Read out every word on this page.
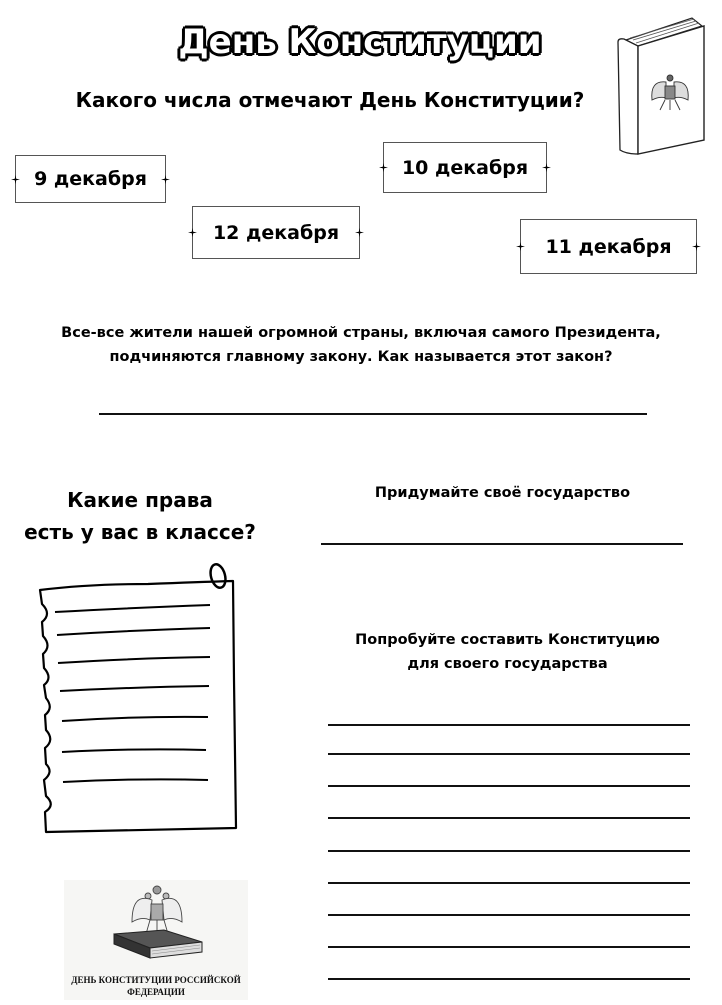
День Конституции
Какого числа отмечают День Конституции?
9 декабря
10 декабря
12 декабря
11 декабря
Все-все жители нашей огромной страны, включая самого Президента,
подчиняются главному закону. Как называется этот закон?
Какие права
есть у вас в классе?
Придумайте своё государство
Попробуйте составить Конституцию
для своего государства
ДЕНЬ КОНСТИТУЦИИ РОССИЙСКОЙ
ФЕДЕРАЦИИ
